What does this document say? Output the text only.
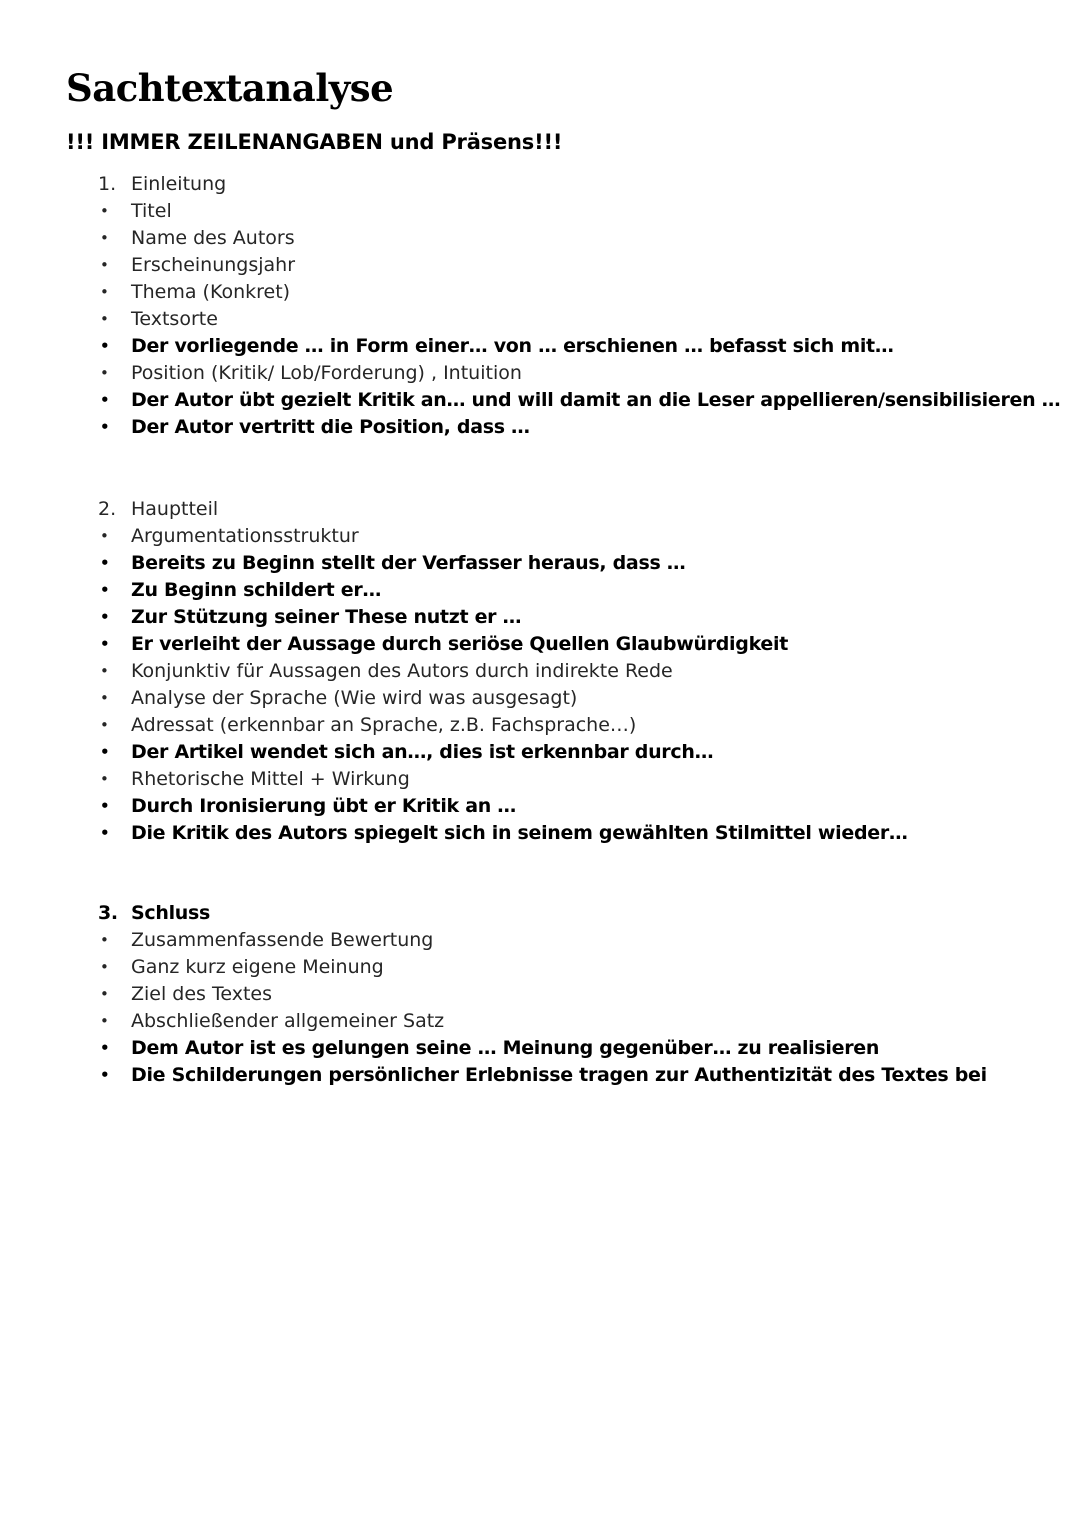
Sachtextanalyse

!!! IMMER ZEILENANGABEN und Präsens!!!

1. Einleitung
• Titel
• Name des Autors
• Erscheinungsjahr
• Thema (Konkret)
• Textsorte
• Der vorliegende … in Form einer… von … erschienen … befasst sich mit…
• Position (Kritik/ Lob/Forderung) , Intuition
• Der Autor übt gezielt Kritik an… und will damit an die Leser appellieren/sensibilisieren …
• Der Autor vertritt die Position, dass …
2. Hauptteil
• Argumentationsstruktur
• Bereits zu Beginn stellt der Verfasser heraus, dass …
• Zu Beginn schildert er…
• Zur Stützung seiner These nutzt er …
• Er verleiht der Aussage durch seriöse Quellen Glaubwürdigkeit
• Konjunktiv für Aussagen des Autors durch indirekte Rede
• Analyse der Sprache (Wie wird was ausgesagt)
• Adressat (erkennbar an Sprache, z.B. Fachsprache…)
• Der Artikel wendet sich an…, dies ist erkennbar durch…
• Rhetorische Mittel + Wirkung
• Durch Ironisierung übt er Kritik an …
• Die Kritik des Autors spiegelt sich in seinem gewählten Stilmittel wieder…
3. Schluss
• Zusammenfassende Bewertung
• Ganz kurz eigene Meinung
• Ziel des Textes
• Abschließender allgemeiner Satz
• Dem Autor ist es gelungen seine … Meinung gegenüber… zu realisieren
• Die Schilderungen persönlicher Erlebnisse tragen zur Authentizität des Textes bei
